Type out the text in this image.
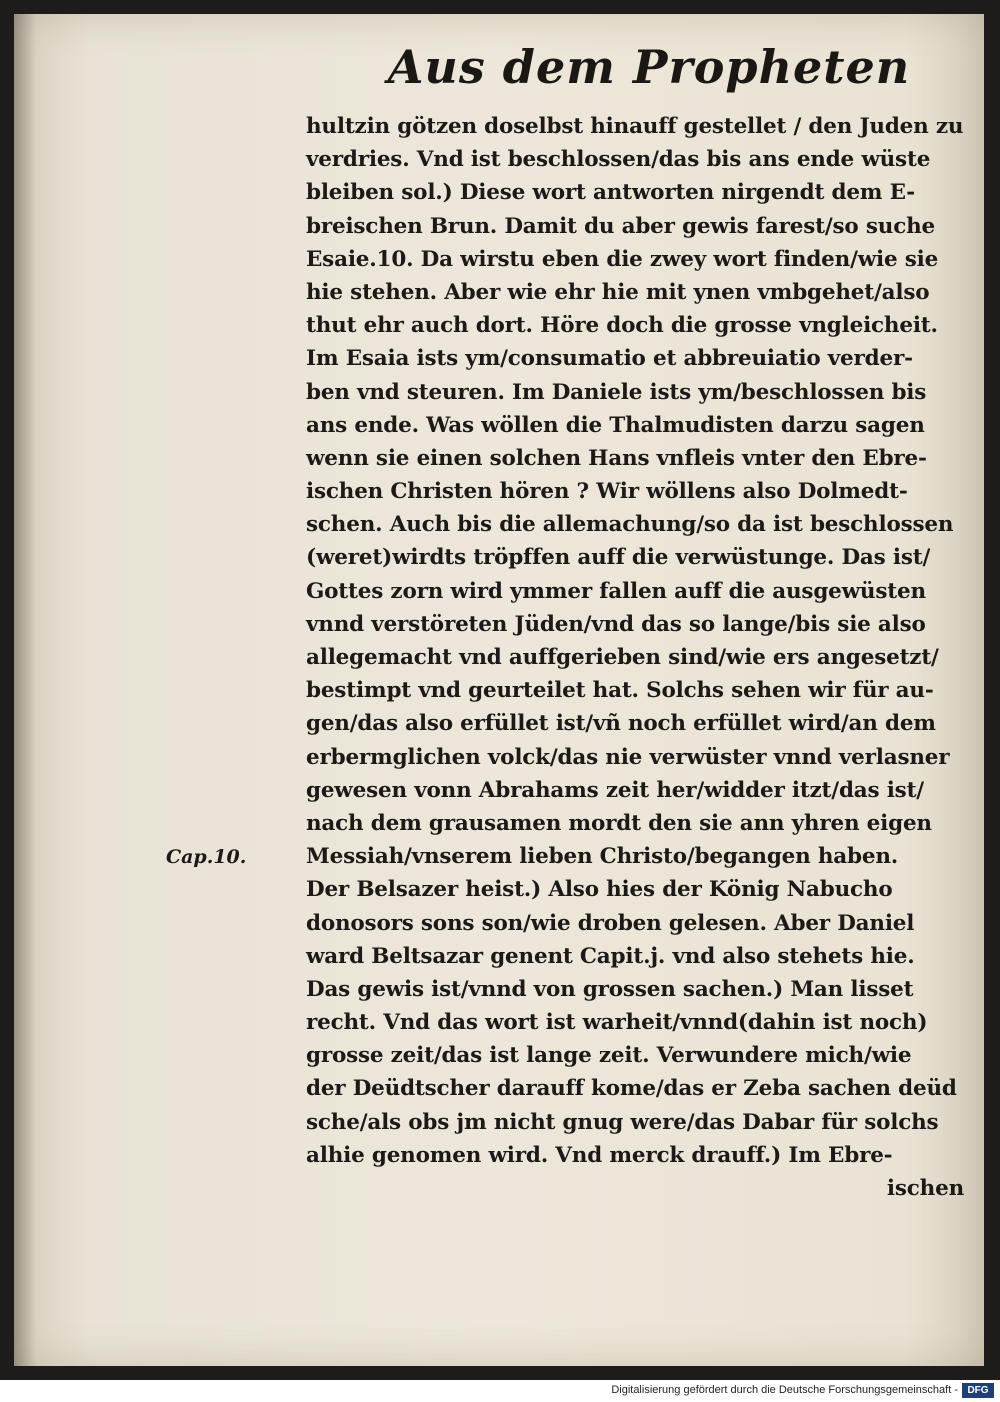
Aus dem Propheten
Cap.10.
hultzin götzen doselbst hinauff gestellet / den Juden zu
verdries. Vnd ist beschlossen/das bis ans ende wüste
bleiben sol.) Diese wort antworten nirgendt dem E-
breischen Brun. Damit du aber gewis farest/so suche
Esaie.10. Da wirstu eben die zwey wort finden/wie sie
hie stehen. Aber wie ehr hie mit ynen vmbgehet/also
thut ehr auch dort. Höre doch die grosse vngleicheit.
Im Esaia ists ym/consumatio et abbreuiatio verder-
ben vnd steuren. Im Daniele ists ym/beschlossen bis
ans ende. Was wöllen die Thalmudisten darzu sagen
wenn sie einen solchen Hans vnfleis vnter den Ebre-
ischen Christen hören ? Wir wöllens also Dolmedt-
schen. Auch bis die allemachung/so da ist beschlossen
(weret)wirdts tröpffen auff die verwüstunge. Das ist/
Gottes zorn wird ymmer fallen auff die ausgewüsten
vnnd verstöreten Jüden/vnd das so lange/bis sie also
allegemacht vnd auffgerieben sind/wie ers angesetzt/
bestimpt vnd geurteilet hat. Solchs sehen wir für au-
gen/das also erfüllet ist/vñ noch erfüllet wird/an dem
erbermglichen volck/das nie verwüster vnnd verlasner
gewesen vonn Abrahams zeit her/widder itzt/das ist/
nach dem grausamen mordt den sie ann yhren eigen
Messiah/vnserem lieben Christo/begangen haben.
Der Belsazer heist.) Also hies der König Nabucho
donosors sons son/wie droben gelesen. Aber Daniel
ward Beltsazar genent Capit.j. vnd also stehets hie.
Das gewis ist/vnnd von grossen sachen.) Man lisset
recht. Vnd das wort ist warheit/vnnd(dahin ist noch)
grosse zeit/das ist lange zeit. Verwundere mich/wie
der Deüdtscher darauff kome/das er Zeba sachen deüd
sche/als obs jm nicht gnug were/das Dabar für solchs
alhie genomen wird. Vnd merck drauff.) Im Ebre-
ischen
Digitalisierung gefördert durch die Deutsche Forschungsgemeinschaft - DFG
